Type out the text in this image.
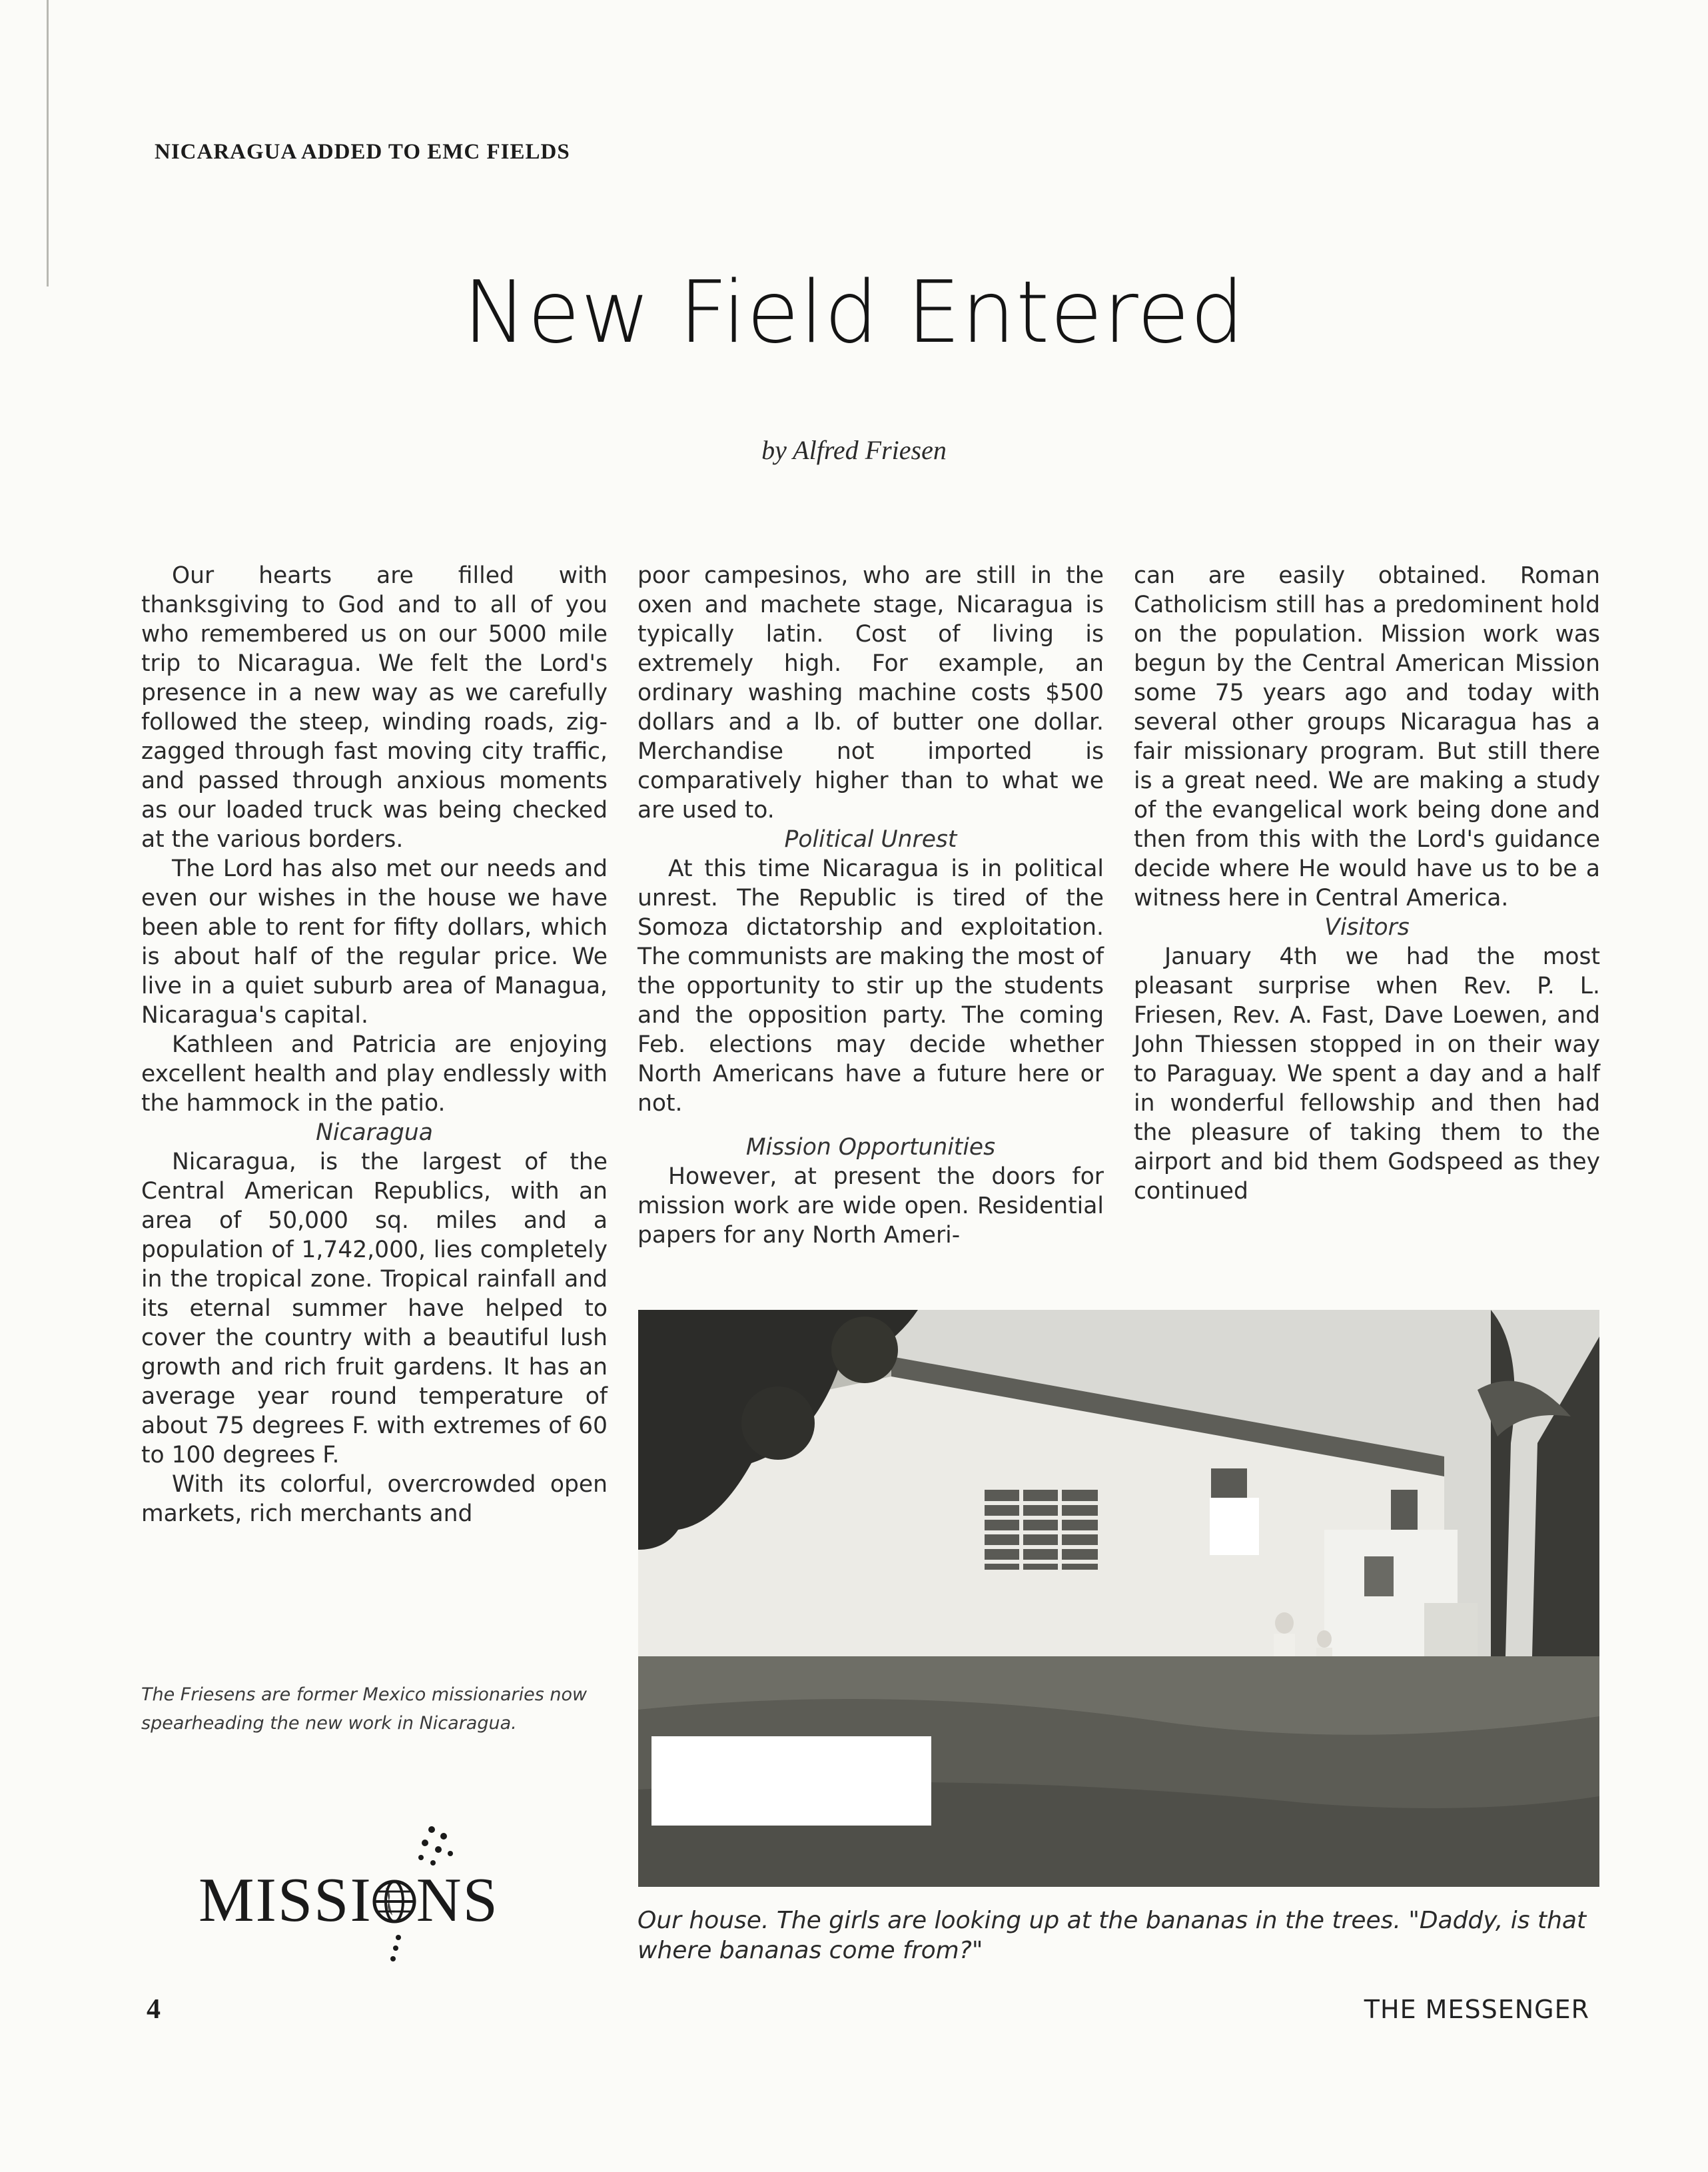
NICARAGUA ADDED TO EMC FIELDS
New Field Entered
by Alfred Friesen

Our hearts are filled with thanksgiving to God and to all of you who remembered us on our 5000 mile trip to Nicaragua. We felt the Lord's presence in a new way as we carefully followed the steep, winding roads, zig-zagged through fast moving city traffic, and passed through anxious moments as our loaded truck was being checked at the various borders.

The Lord has also met our needs and even our wishes in the house we have been able to rent for fifty dollars, which is about half of the regular price. We live in a quiet suburb area of Managua, Nicaragua's capital.

Kathleen and Patricia are enjoying excellent health and play endlessly with the hammock in the patio.

Nicaragua

Nicaragua, is the largest of the Central American Republics, with an area of 50,000 sq. miles and a population of 1,742,000, lies completely in the tropical zone. Tropical rainfall and its eternal summer have helped to cover the country with a beautiful lush growth and rich fruit gardens. It has an average year round temperature of about 75 degrees F. with extremes of 60 to 100 degrees F.

With its colorful, overcrowded open markets, rich merchants and

poor campesinos, who are still in the oxen and machete stage, Nicaragua is typically latin. Cost of living is extremely high. For example, an ordinary washing machine costs $500 dollars and a lb. of butter one dollar. Merchandise not imported is comparatively higher than to what we are used to.

Political Unrest

At this time Nicaragua is in political unrest. The Republic is tired of the Somoza dictatorship and exploitation. The communists are making the most of the opportunity to stir up the students and the opposition party. The coming Feb. elections may decide whether North Americans have a future here or not.

Mission Opportunities

However, at present the doors for mission work are wide open. Residential papers for any North Ameri-

can are easily obtained. Roman Catholicism still has a predominent hold on the population. Mission work was begun by the Central American Mission some 75 years ago and today with several other groups Nicaragua has a fair missionary program. But still there is a great need. We are making a study of the evangelical work being done and then from this with the Lord's guidance decide where He would have us to be a witness here in Central America.

Visitors

January 4th we had the most pleasant surprise when Rev. P. L. Friesen, Rev. A. Fast, Dave Loewen, and John Thiessen stopped in on their way to Paraguay. We spent a day and a half in wonderful fellowship and then had the pleasure of taking them to the airport and bid them Godspeed as they continued

The Friesens are former Mexico missionaries now spearheading the new work in Nicaragua.
MISSI NS	Our house. The girls are looking up at the bananas in the trees. "Daddy, is that where bananas come from?"
4	THE MESSENGER
